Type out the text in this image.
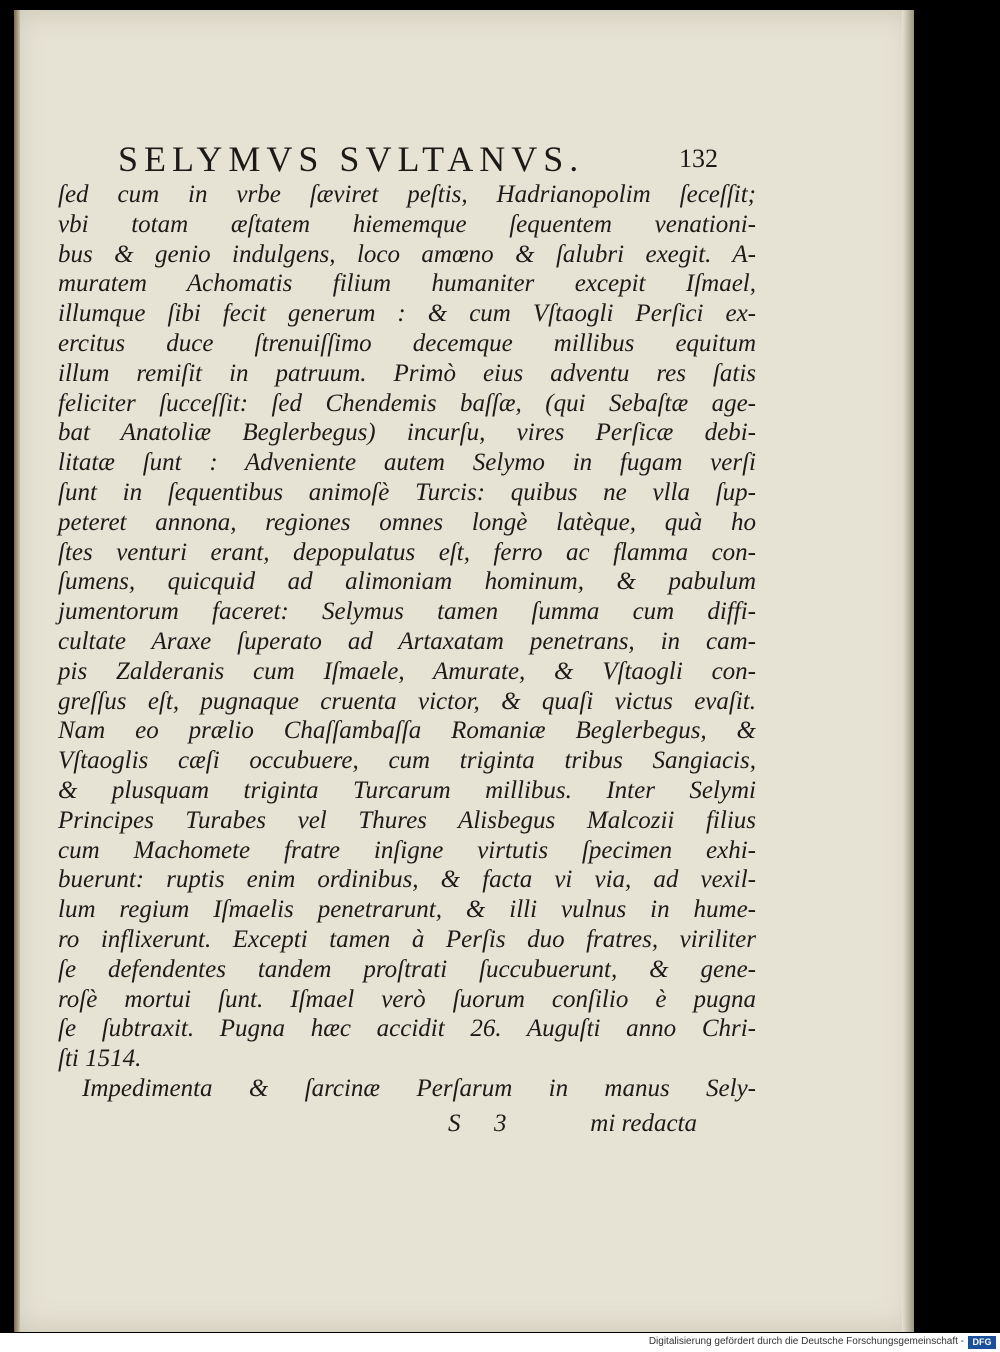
SELYMVS SVLTANVS.	132
ſed cum in vrbe ſæviret peſtis, Hadrianopolim ſeceſſit;
vbi totam æſtatem hiememque ſequentem venationi-
bus & genio indulgens, loco amœno & ſalubri exegit. A-
muratem Achomatis filium humaniter excepit Iſmael,
illumque ſibi fecit generum : & cum Vſtaogli Perſici ex-
ercitus duce ſtrenuiſſimo decemque millibus equitum
illum remiſit in patruum. Primò eius adventu res ſatis
feliciter ſucceſſit: ſed Chendemis baſſæ, (qui Sebaſtæ age-
bat Anatoliæ Beglerbegus) incurſu, vires Perſicæ debi-
litatæ ſunt : Adveniente autem Selymo in fugam verſi
ſunt in ſequentibus animoſè Turcis: quibus ne vlla ſup-
peteret annona, regiones omnes longè latèque, quà ho
ſtes venturi erant, depopulatus eſt, ferro ac flamma con-
ſumens, quicquid ad alimoniam hominum, & pabulum
jumentorum faceret: Selymus tamen ſumma cum diffi-
cultate Araxe ſuperato ad Artaxatam penetrans, in cam-
pis Zalderanis cum Iſmaele, Amurate, & Vſtaogli con-
greſſus eſt, pugnaque cruenta victor, & quaſi victus evaſit.
Nam eo prælio Chaſſambaſſa Romaniæ Beglerbegus, &
Vſtaoglis cæſi occubuere, cum triginta tribus Sangiacis,
& plusquam triginta Turcarum millibus. Inter Selymi
Principes Turabes vel Thures Alisbegus Malcozii filius
cum Machomete fratre inſigne virtutis ſpecimen exhi-
buerunt: ruptis enim ordinibus, & facta vi via, ad vexil-
lum regium Iſmaelis penetrarunt, & illi vulnus in hume-
ro inflixerunt. Excepti tamen à Perſis duo fratres, viriliter
ſe defendentes tandem proſtrati ſuccubuerunt, & gene-
roſè mortui ſunt. Iſmael verò ſuorum conſilio è pugna
ſe ſubtraxit. Pugna hæc accidit 26. Auguſti anno Chri-
ſti 1514.
Impedimenta & ſarcinæ Perſarum in manus Sely-
S 3	mi redacta
Digitalisierung gefördert durch die Deutsche Forschungsgemeinschaft - DFG
